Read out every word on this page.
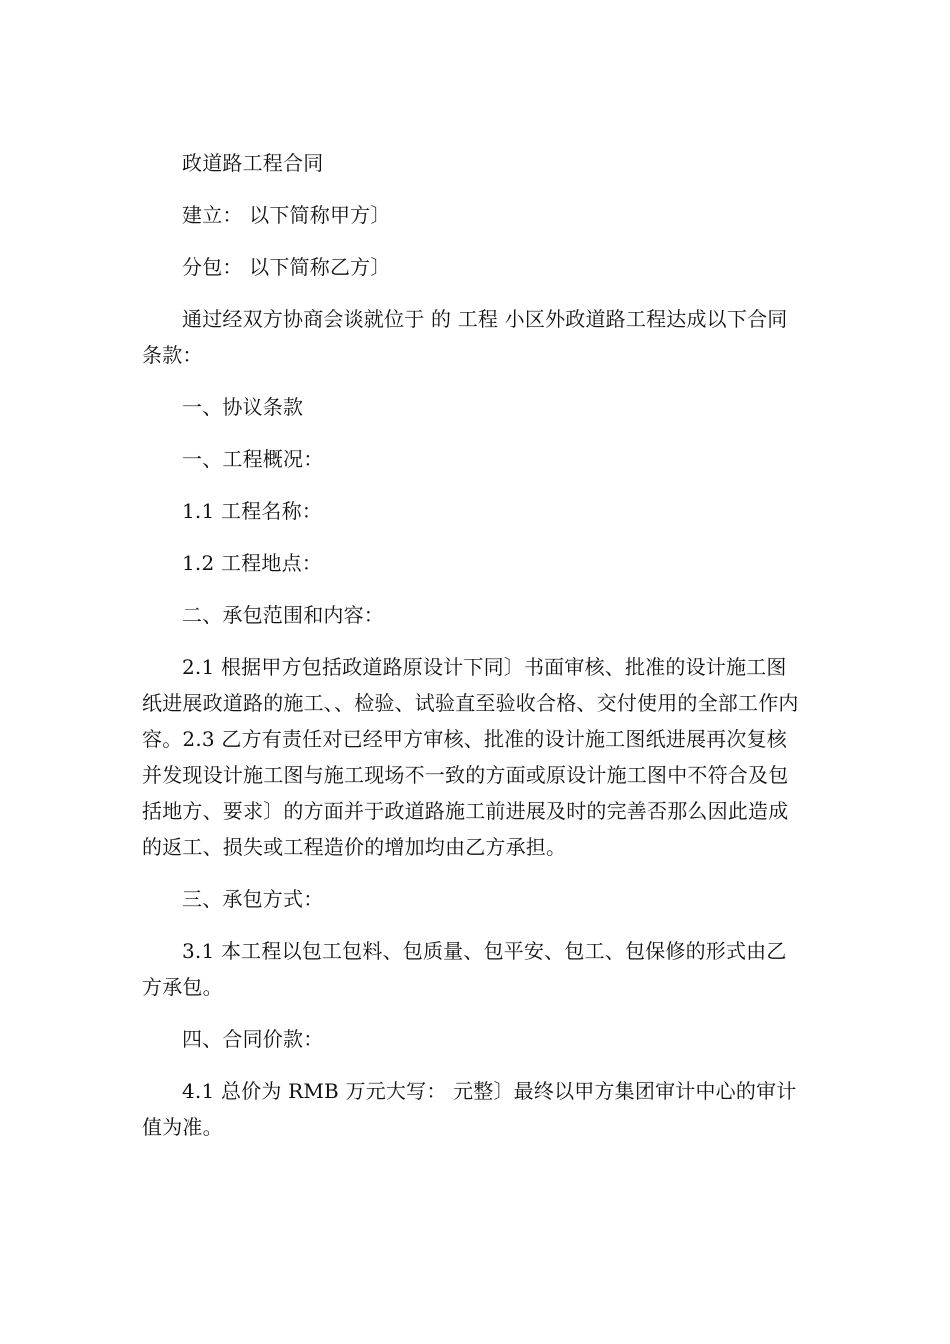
政道路工程合同

建立： 以下简称甲方〕

分包： 以下简称乙方〕

通过经双方协商会谈就位于 的 工程 小区外政道路工程达成以下合同条款：

一、协议条款

一、工程概况：

1.1 工程名称：

1.2 工程地点：

二、承包范围和内容：

2.1 根据甲方包括政道路原设计下同〕书面审核、批准的设计施工图纸进展政道路的施工、、检验、试验直至验收合格、交付使用的全部工作内容。2.3 乙方有责任对已经甲方审核、批准的设计施工图纸进展再次复核并发现设计施工图与施工现场不一致的方面或原设计施工图中不符合及包括地方、要求〕的方面并于政道路施工前进展及时的完善否那么因此造成的返工、损失或工程造价的增加均由乙方承担。

三、承包方式：

3.1 本工程以包工包料、包质量、包平安、包工、包保修的形式由乙方承包。

四、合同价款：

4.1 总价为 RMB 万元大写： 元整〕最终以甲方集团审计中心的审计值为准。
